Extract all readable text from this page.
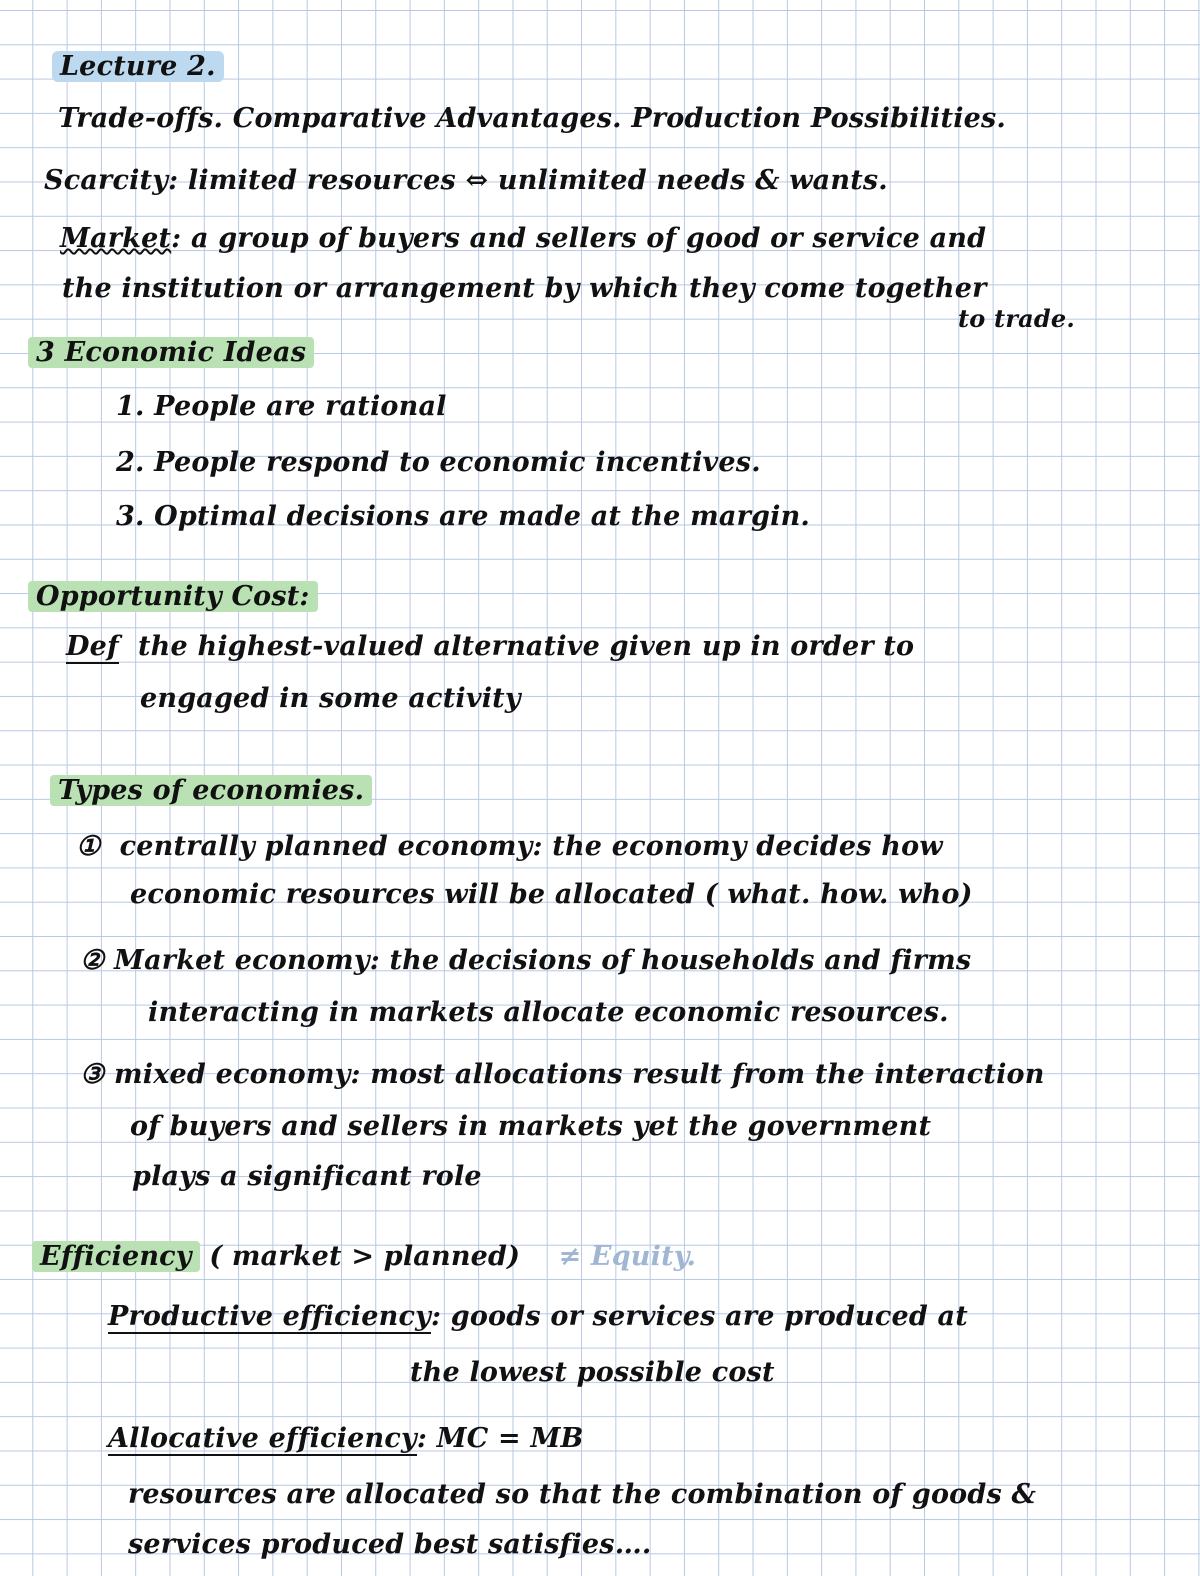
Lecture 2.
Trade-offs. Comparative Advantages. Production Possibilities.
Scarcity: limited resources ⇔ unlimited needs & wants.
Market: a group of buyers and sellers of good or service and
the institution or arrangement by which they come together
to trade.
3 Economic Ideas
1. People are rational
2. People respond to economic incentives.
3. Optimal decisions are made at the margin.
Opportunity Cost:
Def the highest-valued alternative given up in order to
engaged in some activity
Types of economies.
① centrally planned economy: the economy decides how
economic resources will be allocated ( what. how. who)
② Market economy: the decisions of households and firms
interacting in markets allocate economic resources.
③ mixed economy: most allocations result from the interaction
of buyers and sellers in markets yet the government
plays a significant role
Efficiency ( market > planned) ≠ Equity.
Productive efficiency: goods or services are produced at
the lowest possible cost
Allocative efficiency: MC = MB
resources are allocated so that the combination of goods &
services produced best satisfies….
